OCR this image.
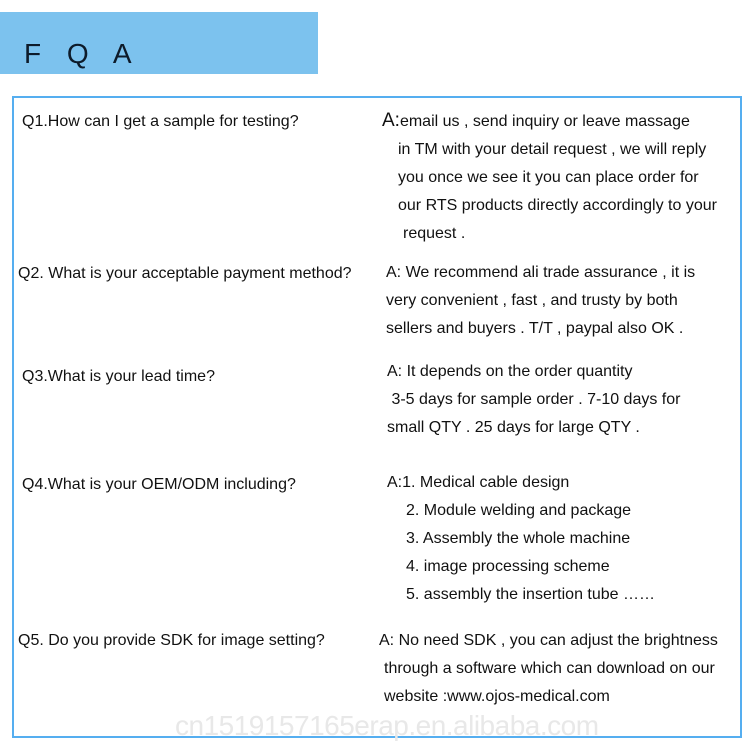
F Q A
Q1.How can I get a sample for testing?	A:email us , send inquiry or leave massage
in TM with your detail request , we will reply
you once we see it you can place order for
our RTS products directly accordingly to your
request .
Q2. What is your acceptable payment method? A: We recommend ali trade assurance , it is
very convenient , fast , and trusty by both
sellers and buyers . T/T , paypal also OK .
Q3.What is your lead time?	A: It depends on the order quantity
3-5 days for sample order . 7-10 days for
small QTY . 25 days for large QTY .
Q4.What is your OEM/ODM including?	A:1. Medical cable design
2. Module welding and package
3. Assembly the whole machine
4. image processing scheme
5. assembly the insertion tube ……
Q5. Do you provide SDK for image setting?	A: No need SDK , you can adjust the brightness
through a software which can download on our
website :www.ojos-medical.com
cn1519157165erap.en.alibaba.com
